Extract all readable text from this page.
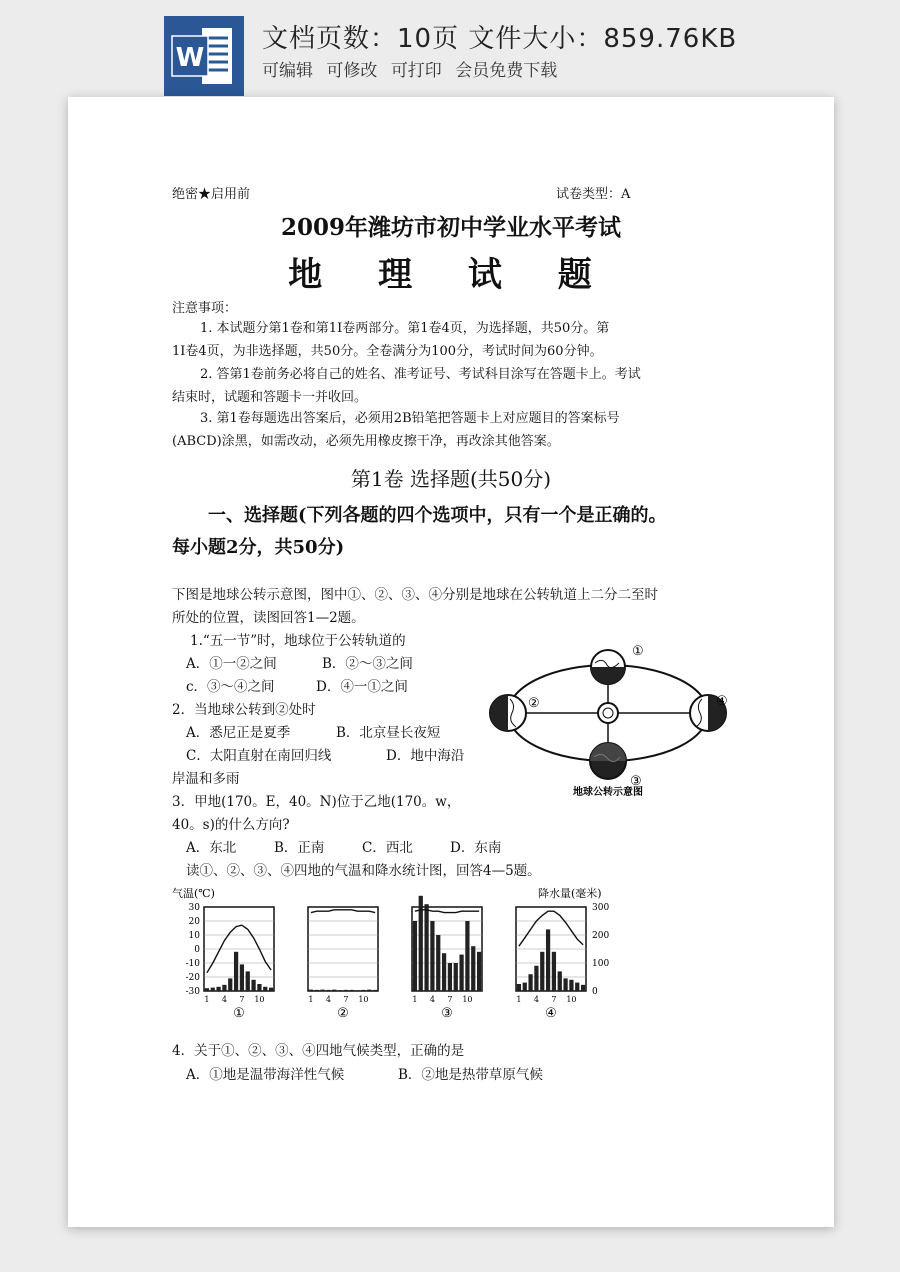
W
文档页数：10页 文件大小：859.76KB
可编辑 可修改 可打印 会员免费下载
绝密★启用前	试卷类型：A
2009年潍坊市初中学业水平考试
地 理 试 题
注意事项：

1. 本试题分第1卷和第1I卷两部分。第1卷4页，为选择题，共50分。第

1I卷4页，为非选择题，共50分。全卷满分为100分，考试时间为60分钟。

2. 答第1卷前务必将自己的姓名、准考证号、考试科目涂写在答题卡上。考试

结束时，试题和答题卡一并收回。

3. 第1卷每题选出答案后，必须用2B铅笔把答题卡上对应题目的答案标号

(ABCD)涂黑，如需改动，必须先用橡皮擦干净，再改涂其他答案。

第1卷 选择题(共50分)
一、选择题(下列各题的四个选项中，只有一个是正确的。
每小题2分，共50分)
下图是地球公转示意图，图中①、②、③、④分别是地球在公转轨道上二分二至时
所处的位置，读图回答1—2题。
1.“五一节”时，地球位于公转轨道的
A．①一②之间	B．②～③之间
c．③～④之间	D．④一①之间
2．当地球公转到②处时
A．悉尼正是夏季	B．北京昼长夜短
C．太阳直射在南回归线	D．地中海沿
岸温和多雨
3．甲地(170。E，40。N)位于乙地(170。w，
40。s)的什么方向?
A．东北	B．正南	C．西北	D．东南
读①、②、③、④四地的气温和降水统计图，回答4—5题。
①
②
③
④
地球公转示意图
气温(℃)	降水量(毫米)
30
20
10
0
-10
-20
-30
300
200
100
0
1 4 7 10
①
1 4 7 10
②
1 4 7 10
③
1 4 7 10
④
4．关于①、②、③、④四地气候类型，正确的是
A．①地是温带海洋性气候	B．②地是热带草原气候
